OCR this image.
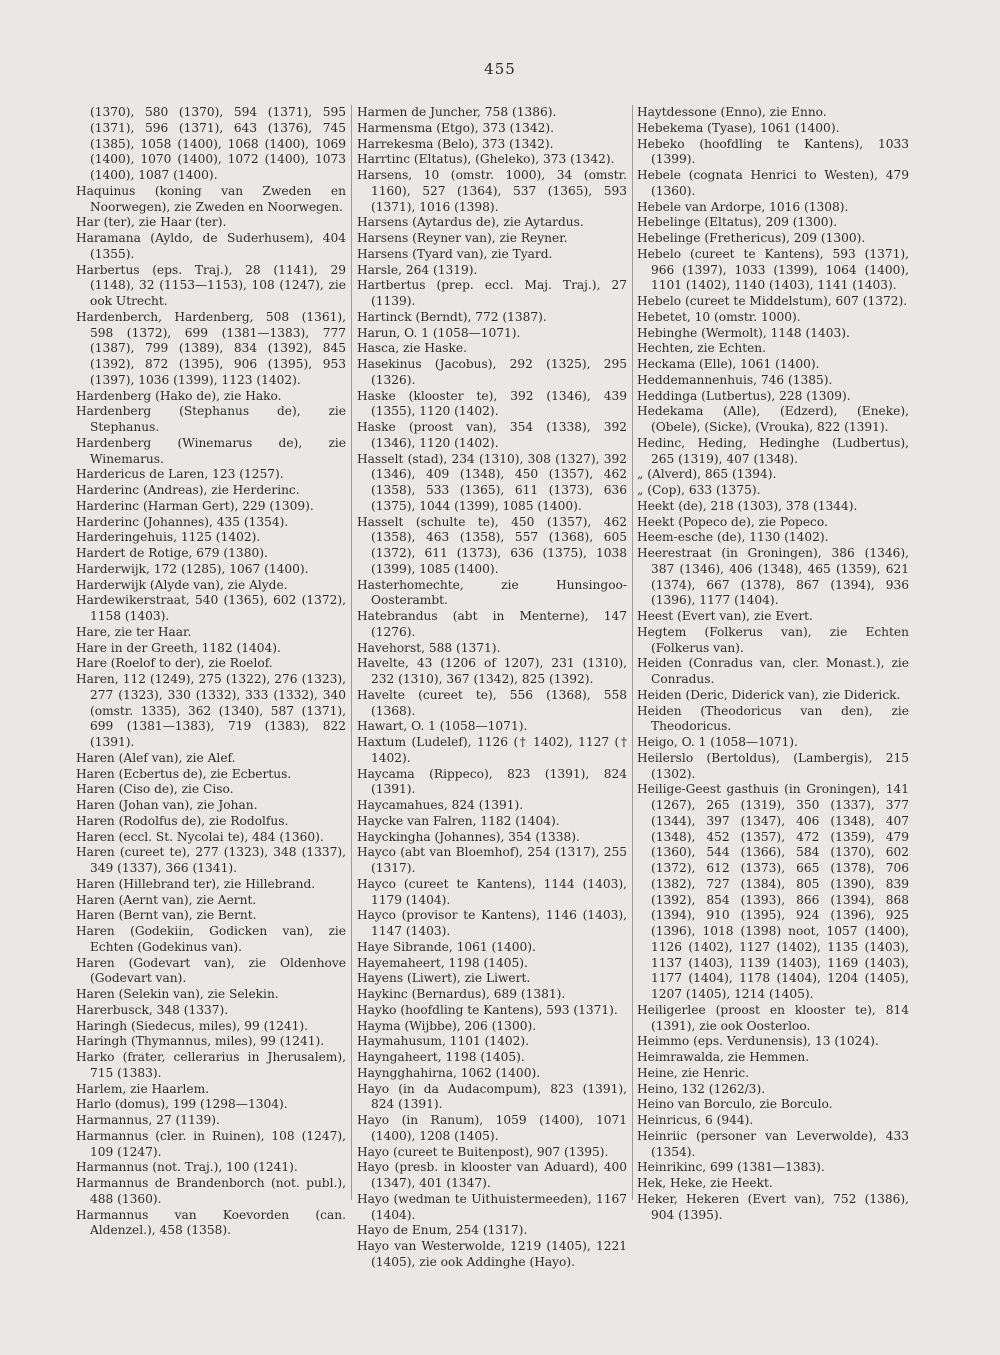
455

(1370), 580 (1370), 594 (1371), 595 (1371), 596 (1371), 643 (1376), 745 (1385), 1058 (1400), 1068 (1400), 1069 (1400), 1070 (1400), 1072 (1400), 1073 (1400), 1087 (1400).

Haquinus (koning van Zweden en Noorwegen), zie Zweden en Noorwegen.

Har (ter), zie Haar (ter).

Haramana (Ayldo, de Suderhusem), 404 (1355).

Harbertus (eps. Traj.), 28 (1141), 29 (1148), 32 (1153—1153), 108 (1247), zie ook Utrecht.

Hardenberch, Hardenberg, 508 (1361), 598 (1372), 699 (1381—1383), 777 (1387), 799 (1389), 834 (1392), 845 (1392), 872 (1395), 906 (1395), 953 (1397), 1036 (1399), 1123 (1402).

Hardenberg (Hako de), zie Hako.

Hardenberg (Stephanus de), zie Stephanus.

Hardenberg (Winemarus de), zie Winemarus.

Hardericus de Laren, 123 (1257).

Harderinc (Andreas), zie Herderinc.

Harderinc (Harman Gert), 229 (1309).

Harderinc (Johannes), 435 (1354).

Harderingehuis, 1125 (1402).

Hardert de Rotige, 679 (1380).

Harderwijk, 172 (1285), 1067 (1400).

Harderwijk (Alyde van), zie Alyde.

Hardewikerstraat, 540 (1365), 602 (1372), 1158 (1403).

Hare, zie ter Haar.

Hare in der Greeth, 1182 (1404).

Hare (Roelof to der), zie Roelof.

Haren, 112 (1249), 275 (1322), 276 (1323), 277 (1323), 330 (1332), 333 (1332), 340 (omstr. 1335), 362 (1340), 587 (1371), 699 (1381—1383), 719 (1383), 822 (1391).

Haren (Alef van), zie Alef.

Haren (Ecbertus de), zie Ecbertus.

Haren (Ciso de), zie Ciso.

Haren (Johan van), zie Johan.

Haren (Rodolfus de), zie Rodolfus.

Haren (eccl. St. Nycolai te), 484 (1360).

Haren (cureet te), 277 (1323), 348 (1337), 349 (1337), 366 (1341).

Haren (Hillebrand ter), zie Hillebrand.

Haren (Aernt van), zie Aernt.

Haren (Bernt van), zie Bernt.

Haren (Godekiin, Godicken van), zie Echten (Godekinus van).

Haren (Godevart van), zie Oldenhove (Godevart van).

Haren (Selekin van), zie Selekin.

Harerbusck, 348 (1337).

Haringh (Siedecus, miles), 99 (1241).

Haringh (Thymannus, miles), 99 (1241).

Harko (frater, cellerarius in Jherusalem), 715 (1383).

Harlem, zie Haarlem.

Harlo (domus), 199 (1298—1304).

Harmannus, 27 (1139).

Harmannus (cler. in Ruinen), 108 (1247), 109 (1247).

Harmannus (not. Traj.), 100 (1241).

Harmannus de Brandenborch (not. publ.), 488 (1360).

Harmannus van Koevorden (can. Aldenzel.), 458 (1358).

Harmen de Juncher, 758 (1386).

Harmensma (Etgo), 373 (1342).

Harrekesma (Belo), 373 (1342).

Harrtinc (Eltatus), (Gheleko), 373 (1342).

Harsens, 10 (omstr. 1000), 34 (omstr. 1160), 527 (1364), 537 (1365), 593 (1371), 1016 (1398).

Harsens (Aytardus de), zie Aytardus.

Harsens (Reyner van), zie Reyner.

Harsens (Tyard van), zie Tyard.

Harsle, 264 (1319).

Hartbertus (prep. eccl. Maj. Traj.), 27 (1139).

Hartinck (Berndt), 772 (1387).

Harun, O. 1 (1058—1071).

Hasca, zie Haske.

Hasekinus (Jacobus), 292 (1325), 295 (1326).

Haske (klooster te), 392 (1346), 439 (1355), 1120 (1402).

Haske (proost van), 354 (1338), 392 (1346), 1120 (1402).

Hasselt (stad), 234 (1310), 308 (1327), 392 (1346), 409 (1348), 450 (1357), 462 (1358), 533 (1365), 611 (1373), 636 (1375), 1044 (1399), 1085 (1400).

Hasselt (schulte te), 450 (1357), 462 (1358), 463 (1358), 557 (1368), 605 (1372), 611 (1373), 636 (1375), 1038 (1399), 1085 (1400).

Hasterhomechte, zie Hunsingoo-Oosterambt.

Hatebrandus (abt in Menterne), 147 (1276).

Havehorst, 588 (1371).

Havelte, 43 (1206 of 1207), 231 (1310), 232 (1310), 367 (1342), 825 (1392).

Havelte (cureet te), 556 (1368), 558 (1368).

Hawart, O. 1 (1058—1071).

Haxtum (Ludelef), 1126 († 1402), 1127 († 1402).

Haycama (Rippeco), 823 (1391), 824 (1391).

Haycamahues, 824 (1391).

Haycke van Falren, 1182 (1404).

Hayckingha (Johannes), 354 (1338).

Hayco (abt van Bloemhof), 254 (1317), 255 (1317).

Hayco (cureet te Kantens), 1144 (1403), 1179 (1404).

Hayco (provisor te Kantens), 1146 (1403), 1147 (1403).

Haye Sibrande, 1061 (1400).

Hayemaheert, 1198 (1405).

Hayens (Liwert), zie Liwert.

Haykinc (Bernardus), 689 (1381).

Hayko (hoofdling te Kantens), 593 (1371).

Hayma (Wijbbe), 206 (1300).

Haymahusum, 1101 (1402).

Hayngaheert, 1198 (1405).

Hayngghahirna, 1062 (1400).

Hayo (in da Audacompum), 823 (1391), 824 (1391).

Hayo (in Ranum), 1059 (1400), 1071 (1400), 1208 (1405).

Hayo (cureet te Buitenpost), 907 (1395).

Hayo (presb. in klooster van Aduard), 400 (1347), 401 (1347).

Hayo (wedman te Uithuistermeeden), 1167 (1404).

Hayo de Enum, 254 (1317).

Hayo van Westerwolde, 1219 (1405), 1221 (1405), zie ook Addinghe (Hayo).

Haytdessone (Enno), zie Enno.

Hebekema (Tyase), 1061 (1400).

Hebeko (hoofdling te Kantens), 1033 (1399).

Hebele (cognata Henrici to Westen), 479 (1360).

Hebele van Ardorpe, 1016 (1308).

Hebelinge (Eltatus), 209 (1300).

Hebelinge (Frethericus), 209 (1300).

Hebelo (cureet te Kantens), 593 (1371), 966 (1397), 1033 (1399), 1064 (1400), 1101 (1402), 1140 (1403), 1141 (1403).

Hebelo (cureet te Middelstum), 607 (1372).

Hebetet, 10 (omstr. 1000).

Hebinghe (Wermolt), 1148 (1403).

Hechten, zie Echten.

Heckama (Elle), 1061 (1400).

Heddemannenhuis, 746 (1385).

Heddinga (Lutbertus), 228 (1309).

Hedekama (Alle), (Edzerd), (Eneke), (Obele), (Sicke), (Vrouka), 822 (1391).

Hedinc, Heding, Hedinghe (Ludbertus), 265 (1319), 407 (1348).

„ (Alverd), 865 (1394).

„ (Cop), 633 (1375).

Heekt (de), 218 (1303), 378 (1344).

Heekt (Popeco de), zie Popeco.

Heem-esche (de), 1130 (1402).

Heerestraat (in Groningen), 386 (1346), 387 (1346), 406 (1348), 465 (1359), 621 (1374), 667 (1378), 867 (1394), 936 (1396), 1177 (1404).

Heest (Evert van), zie Evert.

Hegtem (Folkerus van), zie Echten (Folkerus van).

Heiden (Conradus van, cler. Monast.), zie Conradus.

Heiden (Deric, Diderick van), zie Diderick.

Heiden (Theodoricus van den), zie Theodoricus.

Heigo, O. 1 (1058—1071).

Heilerslo (Bertoldus), (Lambergis), 215 (1302).

Heilige-Geest gasthuis (in Groningen), 141 (1267), 265 (1319), 350 (1337), 377 (1344), 397 (1347), 406 (1348), 407 (1348), 452 (1357), 472 (1359), 479 (1360), 544 (1366), 584 (1370), 602 (1372), 612 (1373), 665 (1378), 706 (1382), 727 (1384), 805 (1390), 839 (1392), 854 (1393), 866 (1394), 868 (1394), 910 (1395), 924 (1396), 925 (1396), 1018 (1398) noot, 1057 (1400), 1126 (1402), 1127 (1402), 1135 (1403), 1137 (1403), 1139 (1403), 1169 (1403), 1177 (1404), 1178 (1404), 1204 (1405), 1207 (1405), 1214 (1405).

Heiligerlee (proost en klooster te), 814 (1391), zie ook Oosterloo.

Heimmo (eps. Verdunensis), 13 (1024).

Heimrawalda, zie Hemmen.

Heine, zie Henric.

Heino, 132 (1262/3).

Heino van Borculo, zie Borculo.

Heinricus, 6 (944).

Heinriic (personer van Leverwolde), 433 (1354).

Heinrikinc, 699 (1381—1383).

Hek, Heke, zie Heekt.

Heker, Hekeren (Evert van), 752 (1386), 904 (1395).
